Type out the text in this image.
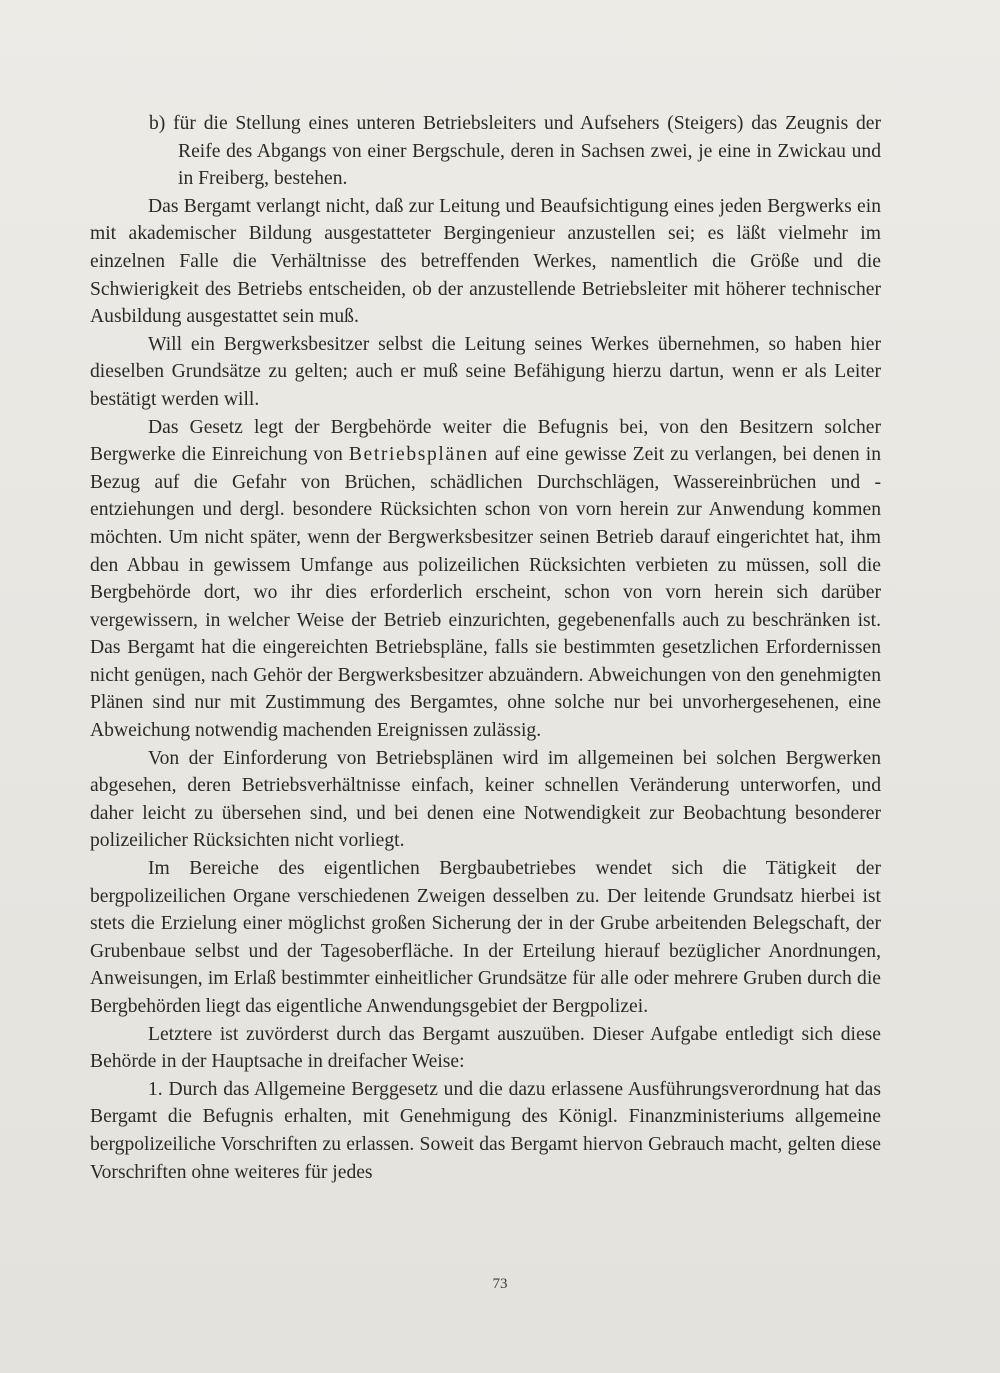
b) für die Stellung eines unteren Betriebsleiters und Aufsehers (Steigers) das Zeugnis der Reife des Abgangs von einer Bergschule, deren in Sachsen zwei, je eine in Zwickau und in Freiberg, bestehen.

Das Bergamt verlangt nicht, daß zur Leitung und Beaufsichtigung eines jeden Bergwerks ein mit akademischer Bildung ausgestatteter Bergingenieur anzustellen sei; es läßt vielmehr im einzelnen Falle die Verhältnisse des betreffenden Werkes, namentlich die Größe und die Schwierigkeit des Betriebs entscheiden, ob der anzustellende Betriebsleiter mit höherer technischer Ausbildung ausgestattet sein muß.

Will ein Bergwerksbesitzer selbst die Leitung seines Werkes übernehmen, so haben hier dieselben Grundsätze zu gelten; auch er muß seine Befähigung hierzu dartun, wenn er als Leiter bestätigt werden will.

Das Gesetz legt der Bergbehörde weiter die Befugnis bei, von den Besitzern solcher Bergwerke die Einreichung von Betriebsplänen auf eine gewisse Zeit zu verlangen, bei denen in Bezug auf die Gefahr von Brüchen, schädlichen Durchschlägen, Wassereinbrüchen und -entziehungen und dergl. besondere Rücksichten schon von vorn herein zur Anwendung kommen möchten. Um nicht später, wenn der Bergwerksbesitzer seinen Betrieb darauf eingerichtet hat, ihm den Abbau in gewissem Umfange aus polizeilichen Rücksichten verbieten zu müssen, soll die Bergbehörde dort, wo ihr dies erforderlich erscheint, schon von vorn herein sich darüber vergewissern, in welcher Weise der Betrieb einzurichten, gegebenenfalls auch zu beschränken ist. Das Bergamt hat die eingereichten Betriebspläne, falls sie bestimmten gesetzlichen Erfordernissen nicht genügen, nach Gehör der Bergwerksbesitzer abzuändern. Abweichungen von den genehmigten Plänen sind nur mit Zustimmung des Bergamtes, ohne solche nur bei unvorhergesehenen, eine Abweichung notwendig machenden Ereignissen zulässig.

Von der Einforderung von Betriebsplänen wird im allgemeinen bei solchen Bergwerken abgesehen, deren Betriebsverhältnisse einfach, keiner schnellen Veränderung unterworfen, und daher leicht zu übersehen sind, und bei denen eine Notwendigkeit zur Beobachtung besonderer polizeilicher Rücksichten nicht vorliegt.

Im Bereiche des eigentlichen Bergbaubetriebes wendet sich die Tätigkeit der bergpolizeilichen Organe verschiedenen Zweigen desselben zu. Der leitende Grundsatz hierbei ist stets die Erzielung einer möglichst großen Sicherung der in der Grube arbeitenden Belegschaft, der Grubenbaue selbst und der Tagesoberfläche. In der Erteilung hierauf bezüglicher Anordnungen, Anweisungen, im Erlaß bestimmter einheitlicher Grundsätze für alle oder mehrere Gruben durch die Bergbehörden liegt das eigentliche Anwendungsgebiet der Bergpolizei.

Letztere ist zuvörderst durch das Bergamt auszuüben. Dieser Aufgabe entledigt sich diese Behörde in der Hauptsache in dreifacher Weise:

1. Durch das Allgemeine Berggesetz und die dazu erlassene Ausführungsverordnung hat das Bergamt die Befugnis erhalten, mit Genehmigung des Königl. Finanzministeriums allgemeine bergpolizeiliche Vorschriften zu erlassen. Soweit das Bergamt hiervon Gebrauch macht, gelten diese Vorschriften ohne weiteres für jedes

73
